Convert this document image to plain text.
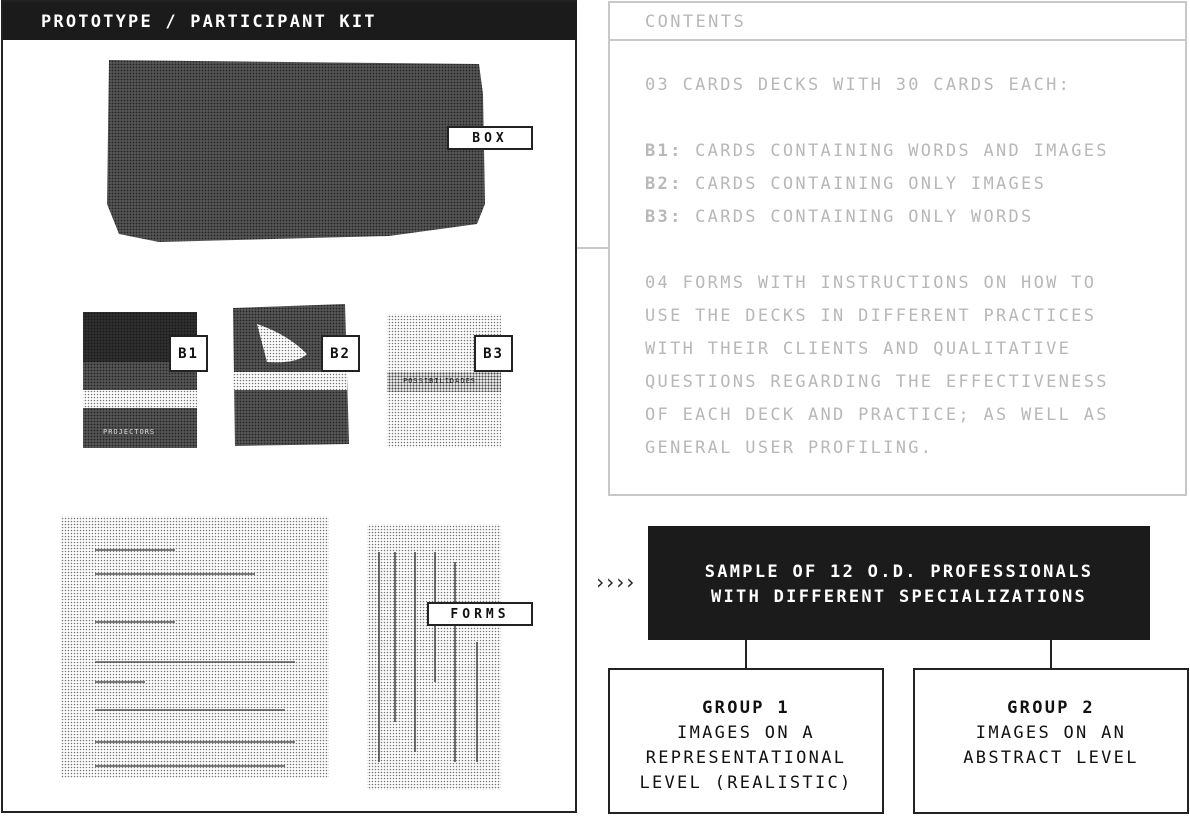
PROTOTYPE / PARTICIPANT KIT
BOX
PROJECTORS
B1	B2
POSSIBILIDADES
B3
FORMS
CONTENTS
03 CARDS DECKS WITH 30 CARDS EACH:
B1: CARDS CONTAINING WORDS AND IMAGES
B2: CARDS CONTAINING ONLY IMAGES
B3: CARDS CONTAINING ONLY WORDS
04 FORMS WITH INSTRUCTIONS ON HOW TO
USE THE DECKS IN DIFFERENT PRACTICES
WITH THEIR CLIENTS AND QUALITATIVE
QUESTIONS REGARDING THE EFFECTIVENESS
OF EACH DECK AND PRACTICE; AS WELL AS
GENERAL USER PROFILING.
››››	SAMPLE OF 12 O.D. PROFESSIONALS
WITH DIFFERENT SPECIALIZATIONS
GROUP 1
IMAGES ON A
REPRESENTATIONAL
LEVEL (REALISTIC)
GROUP 2
IMAGES ON AN
ABSTRACT LEVEL
